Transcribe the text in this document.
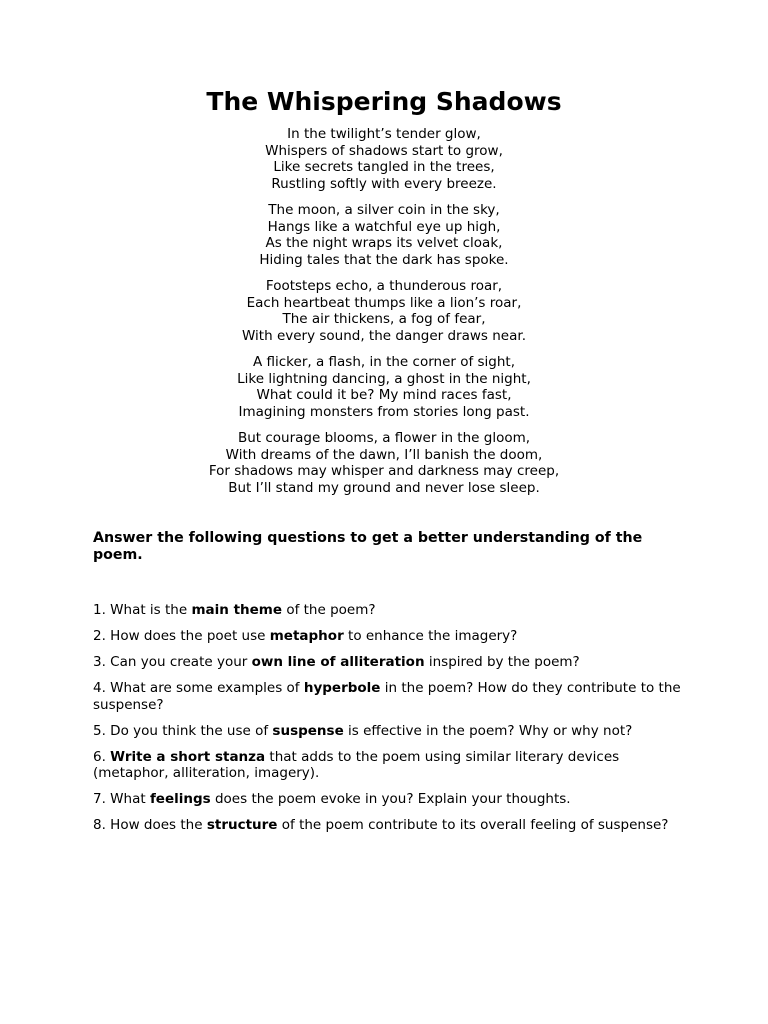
The Whispering Shadows
In the twilight’s tender glow,
Whispers of shadows start to grow,
Like secrets tangled in the trees,
Rustling softly with every breeze.
The moon, a silver coin in the sky,
Hangs like a watchful eye up high,
As the night wraps its velvet cloak,
Hiding tales that the dark has spoke.
Footsteps echo, a thunderous roar,
Each heartbeat thumps like a lion’s roar,
The air thickens, a fog of fear,
With every sound, the danger draws near.
A flicker, a flash, in the corner of sight,
Like lightning dancing, a ghost in the night,
What could it be? My mind races fast,
Imagining monsters from stories long past.
But courage blooms, a flower in the gloom,
With dreams of the dawn, I’ll banish the doom,
For shadows may whisper and darkness may creep,
But I’ll stand my ground and never lose sleep.

Answer the following questions to get a better understanding of the poem.

1. What is the main theme of the poem?
2. How does the poet use metaphor to enhance the imagery?
3. Can you create your own line of alliteration inspired by the poem?
4. What are some examples of hyperbole in the poem? How do they contribute to the suspense?
5. Do you think the use of suspense is effective in the poem? Why or why not?
6. Write a short stanza that adds to the poem using similar literary devices (metaphor, alliteration, imagery).
7. What feelings does the poem evoke in you? Explain your thoughts.
8. How does the structure of the poem contribute to its overall feeling of suspense?
